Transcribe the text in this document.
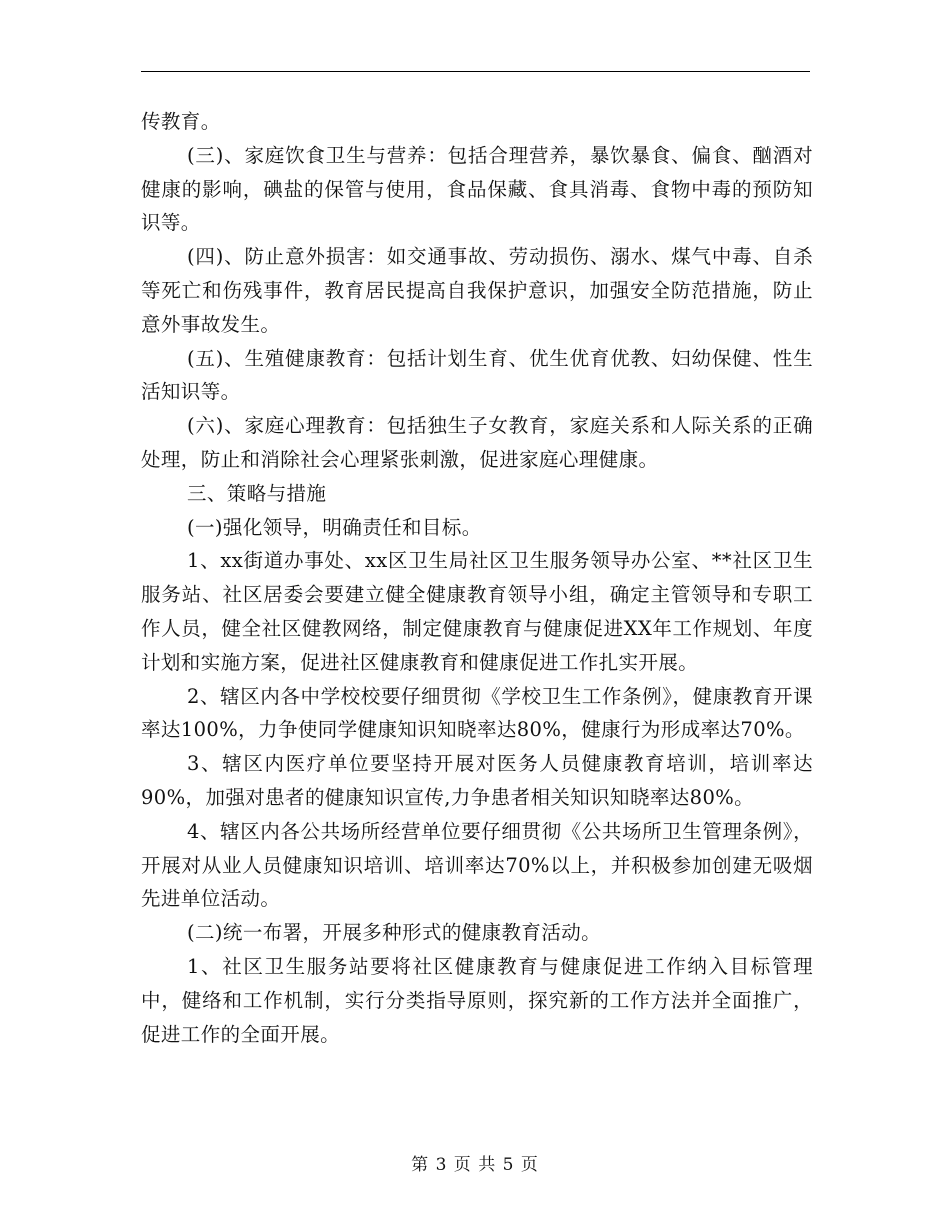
传教育。

(三)、家庭饮食卫生与营养：包括合理营养，暴饮暴食、偏食、酗酒对健康的影响，碘盐的保管与使用，食品保藏、食具消毒、食物中毒的预防知识等。

(四)、防止意外损害：如交通事故、劳动损伤、溺水、煤气中毒、自杀等死亡和伤残事件，教育居民提高自我保护意识，加强安全防范措施，防止意外事故发生。

(五)、生殖健康教育：包括计划生育、优生优育优教、妇幼保健、性生活知识等。

(六)、家庭心理教育：包括独生子女教育，家庭关系和人际关系的正确处理，防止和消除社会心理紧张刺激，促进家庭心理健康。

三、策略与措施

(一)强化领导，明确责任和目标。

1、xx街道办事处、xx区卫生局社区卫生服务领导办公室、**社区卫生服务站、社区居委会要建立健全健康教育领导小组，确定主管领导和专职工作人员，健全社区健教网络，制定健康教育与健康促进XX年工作规划、年度计划和实施方案，促进社区健康教育和健康促进工作扎实开展。

2、辖区内各中学校校要仔细贯彻《学校卫生工作条例》，健康教育开课率达100%，力争使同学健康知识知晓率达80%，健康行为形成率达70%。

3、辖区内医疗单位要坚持开展对医务人员健康教育培训，培训率达90%，加强对患者的健康知识宣传,力争患者相关知识知晓率达80%。

4、辖区内各公共场所经营单位要仔细贯彻《公共场所卫生管理条例》，开展对从业人员健康知识培训、培训率达70%以上，并积极参加创建无吸烟先进单位活动。

(二)统一布署，开展多种形式的健康教育活动。

1、社区卫生服务站要将社区健康教育与健康促进工作纳入目标管理中，健络和工作机制，实行分类指导原则，探究新的工作方法并全面推广，促进工作的全面开展。

第 3 页 共 5 页
